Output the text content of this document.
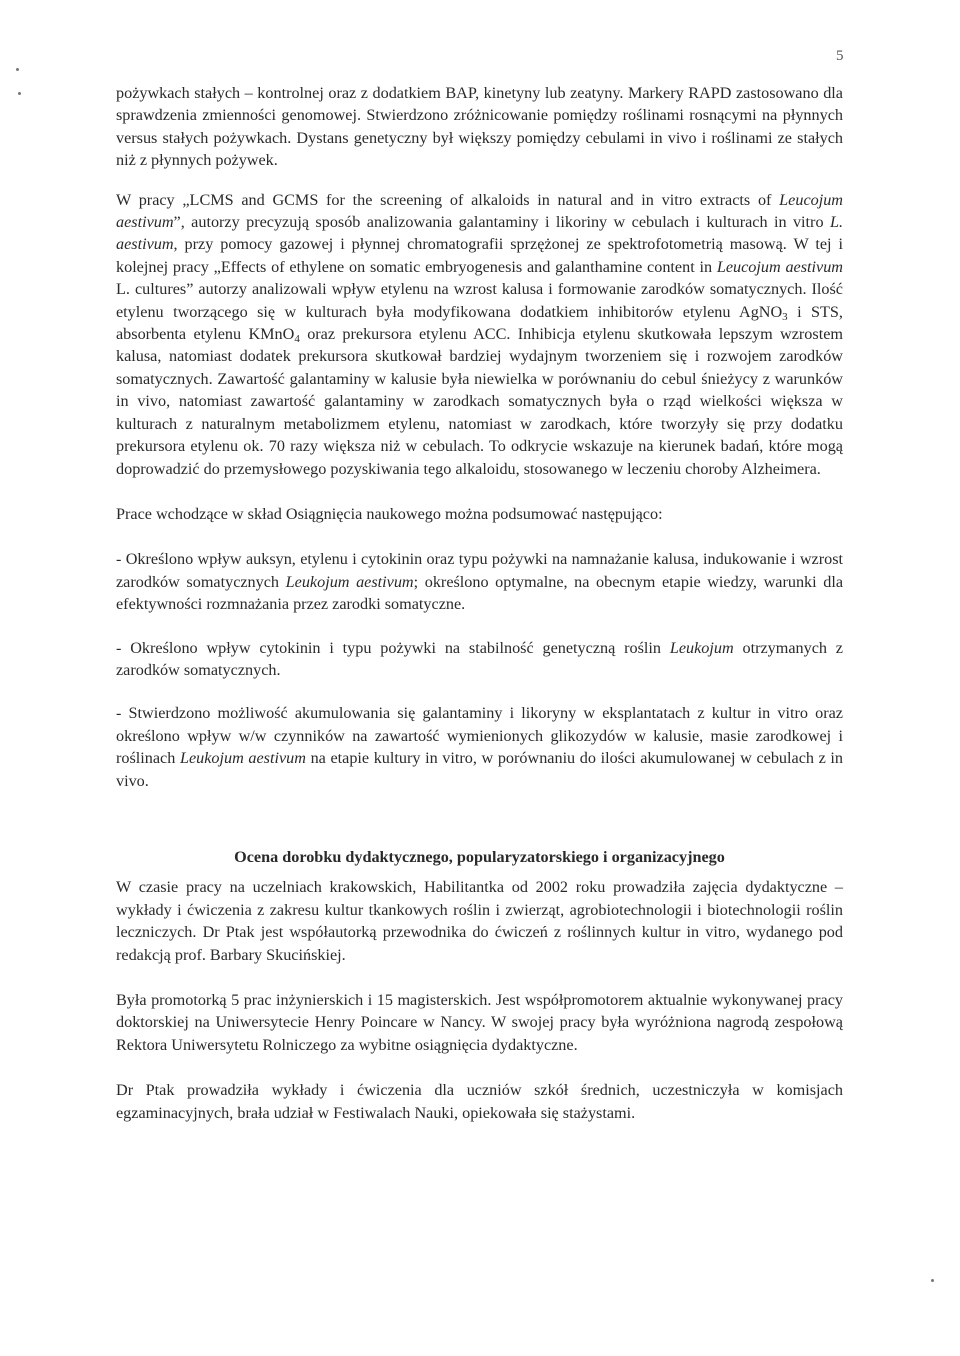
5

pożywkach stałych – kontrolnej oraz z dodatkiem BAP, kinetyny lub zeatyny. Markery RAPD zastosowano dla sprawdzenia zmienności genomowej. Stwierdzono zróżnicowanie pomiędzy roślinami rosnącymi na płynnych versus stałych pożywkach. Dystans genetyczny był większy pomiędzy cebulami in vivo i roślinami ze stałych niż z płynnych pożywek.

W pracy „LCMS and GCMS for the screening of alkaloids in natural and in vitro extracts of Leucojum aestivum”, autorzy precyzują sposób analizowania galantaminy i likoriny w cebulach i kulturach in vitro L. aestivum, przy pomocy gazowej i płynnej chromatografii sprzężonej ze spektrofotometrią masową. W tej i kolejnej pracy „Effects of ethylene on somatic embryogenesis and galanthamine content in Leucojum aestivum L. cultures” autorzy analizowali wpływ etylenu na wzrost kalusa i formowanie zarodków somatycznych. Ilość etylenu tworzącego się w kulturach była modyfikowana dodatkiem inhibitorów etylenu AgNO$_3$ i STS, absorbenta etylenu KMnO$_4$ oraz prekursora etylenu ACC. Inhibicja etylenu skutkowała lepszym wzrostem kalusa, natomiast dodatek prekursora skutkował bardziej wydajnym tworzeniem się i rozwojem zarodków somatycznych. Zawartość galantaminy w kalusie była niewielka w porównaniu do cebul śnieżycy z warunków in vivo, natomiast zawartość galantaminy w zarodkach somatycznych była o rząd wielkości większa w kulturach z naturalnym metabolizmem etylenu, natomiast w zarodkach, które tworzyły się przy dodatku prekursora etylenu ok. 70 razy większa niż w cebulach. To odkrycie wskazuje na kierunek badań, które mogą doprowadzić do przemysłowego pozyskiwania tego alkaloidu, stosowanego w leczeniu choroby Alzheimera.

Prace wchodzące w skład Osiągnięcia naukowego można podsumować następująco:

- Określono wpływ auksyn, etylenu i cytokinin oraz typu pożywki na namnażanie kalusa, indukowanie i wzrost zarodków somatycznych Leukojum aestivum; określono optymalne, na obecnym etapie wiedzy, warunki dla efektywności rozmnażania przez zarodki somatyczne.

- Określono wpływ cytokinin i typu pożywki na stabilność genetyczną roślin Leukojum otrzymanych z zarodków somatycznych.

- Stwierdzono możliwość akumulowania się galantaminy i likoryny w eksplantatach z kultur in vitro oraz określono wpływ w/w czynników na zawartość wymienionych glikozydów w kalusie, masie zarodkowej i roślinach Leukojum aestivum na etapie kultury in vitro, w porównaniu do ilości akumulowanej w cebulach z in vivo.

Ocena dorobku dydaktycznego, popularyzatorskiego i organizacyjnego

W czasie pracy na uczelniach krakowskich, Habilitantka od 2002 roku prowadziła zajęcia dydaktyczne – wykłady i ćwiczenia z zakresu kultur tkankowych roślin i zwierząt, agrobiotechnologii i biotechnologii roślin leczniczych. Dr Ptak jest współautorką przewodnika do ćwiczeń z roślinnych kultur in vitro, wydanego pod redakcją prof. Barbary Skucińskiej.

Była promotorką 5 prac inżynierskich i 15 magisterskich. Jest współpromotorem aktualnie wykonywanej pracy doktorskiej na Uniwersytecie Henry Poincare w Nancy. W swojej pracy była wyróżniona nagrodą zespołową Rektora Uniwersytetu Rolniczego za wybitne osiągnięcia dydaktyczne.

Dr Ptak prowadziła wykłady i ćwiczenia dla uczniów szkół średnich, uczestniczyła w komisjach egzaminacyjnych, brała udział w Festiwalach Nauki, opiekowała się stażystami.
